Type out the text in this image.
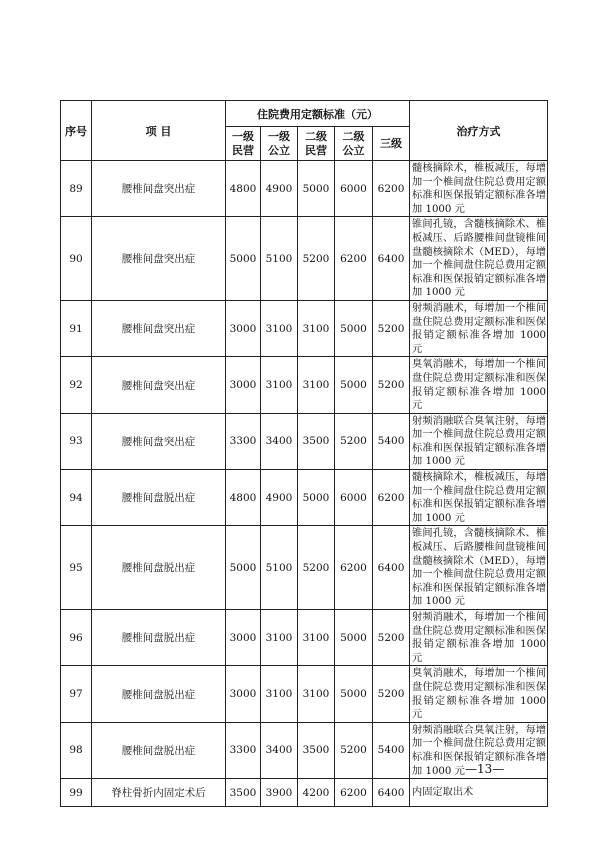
序号	项 目	住院费用定额标准（元）					治疗方式
		一级民营	一级公立	二级民营	二级公立	三级	
89	腰椎间盘突出症	4800	4900	5000	6000	6200	髓核摘除术，椎板减压，每增加一个椎间盘住院总费用定额标准和医保报销定额标准各增加 1000 元
90	腰椎间盘突出症	5000	5100	5200	6200	6400	锥间孔镜，含髓核摘除术、椎板减压、后路腰椎间盘镜椎间盘髓核摘除术（MED），每增加一个椎间盘住院总费用定额标准和医保报销定额标准各增加 1000 元
91	腰椎间盘突出症	3000	3100	3100	5000	5200	射频消融术，每增加一个椎间盘住院总费用定额标准和医保报销定额标准各增加 1000 元
92	腰椎间盘突出症	3000	3100	3100	5000	5200	臭氧消融术，每增加一个椎间盘住院总费用定额标准和医保报销定额标准各增加 1000 元
93	腰椎间盘突出症	3300	3400	3500	5200	5400	射频消融联合臭氧注射，每增加一个椎间盘住院总费用定额标准和医保报销定额标准各增加 1000 元
94	腰椎间盘脱出症	4800	4900	5000	6000	6200	髓核摘除术，椎板减压，每增加一个椎间盘住院总费用定额标准和医保报销定额标准各增加 1000 元
95	腰椎间盘脱出症	5000	5100	5200	6200	6400	锥间孔镜，含髓核摘除术、椎板减压、后路腰椎间盘镜椎间盘髓核摘除术（MED），每增加一个椎间盘住院总费用定额标准和医保报销定额标准各增加 1000 元
96	腰椎间盘脱出症	3000	3100	3100	5000	5200	射频消融术，每增加一个椎间盘住院总费用定额标准和医保报销定额标准各增加 1000 元
97	腰椎间盘脱出症	3000	3100	3100	5000	5200	臭氧消融术，每增加一个椎间盘住院总费用定额标准和医保报销定额标准各增加 1000 元
98	腰椎间盘脱出症	3300	3400	3500	5200	5400	射频消融联合臭氧注射，每增加一个椎间盘住院总费用定额标准和医保报销定额标准各增加 1000 元
99	脊柱骨折内固定术后	3500	3900	4200	6200	6400	内固定取出术
—13—
